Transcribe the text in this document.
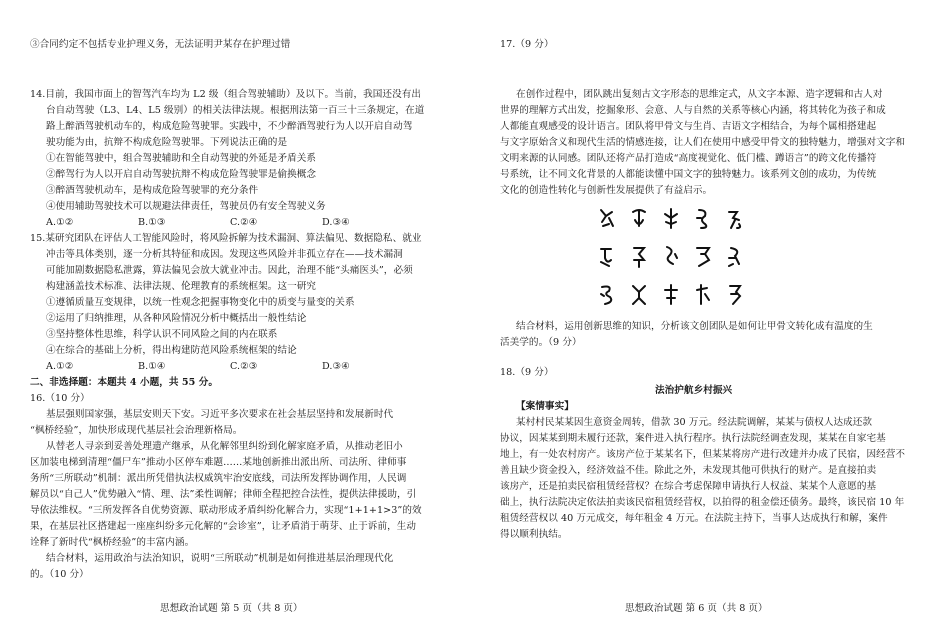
③合同约定不包括专业护理义务，无法证明尹某存在护理过错
14.目前，我国市面上的智驾汽车均为 L2 级（组合驾驶辅助）及以下。当前，我国还没有出
台自动驾驶（L3、L4、L5 级别）的相关法律法规。根据刑法第一百三十三条规定，在道
路上醉酒驾驶机动车的，构成危险驾驶罪。实践中，不少醉酒驾驶行为人以开启自动驾
驶功能为由，抗辩不构成危险驾驶罪。下列说法正确的是
①在智能驾驶中，组合驾驶辅助和全自动驾驶的外延是矛盾关系
②醉驾行为人以开启自动驾驶抗辩不构成危险驾驶罪是偷换概念
③醉酒驾驶机动车，是构成危险驾驶罪的充分条件
④使用辅助驾驶技术可以规避法律责任，驾驶员仍有安全驾驶义务
A.①②	B.①③	C.②④	D.③④
15.某研究团队在评估人工智能风险时，将风险拆解为技术漏洞、算法偏见、数据隐私、就业
冲击等具体类别，逐一分析其特征和成因。发现这些风险并非孤立存在——技术漏洞
可能加剧数据隐私泄露，算法偏见会放大就业冲击。因此，治理不能“头痛医头”，必须
构建涵盖技术标准、法律法规、伦理教育的系统框架。这一研究
①遵循质量互变规律，以统一性观念把握事物变化中的质变与量变的关系
②运用了归纳推理，从各种风险情况分析中概括出一般性结论
③坚持整体性思维，科学认识不同风险之间的内在联系
④在综合的基础上分析，得出构建防范风险系统框架的结论
A.①②	B.①④	C.②③	D.③④
二、非选择题：本题共 4 小题，共 55 分。
16.（10 分）
基层强则国家强，基层安则天下安。习近平多次要求在社会基层坚持和发展新时代
“枫桥经验”，加快形成现代基层社会治理新格局。
从替老人寻亲到妥善处理遗产继承，从化解邻里纠纷到化解家庭矛盾，从推动老旧小
区加装电梯到清理“僵尸车”推动小区停车难题……某地创新推出派出所、司法所、律师事
务所“三所联动”机制：派出所凭借执法权威筑牢治安底线，司法所发挥协调作用，人民调
解员以“自己人”优势融入“情、理、法”柔性调解；律师全程把控合法性，提供法律援助，引
导依法维权。“三所发挥各自优势资源、联动形成矛盾纠纷化解合力，实现“1+1+1>3”的效
果，在基层社区搭建起一座座纠纷多元化解的“会诊室”，让矛盾消于萌芽、止于诉前，生动
诠释了新时代“枫桥经验”的丰富内涵。
结合材料，运用政治与法治知识，说明“三所联动”机制是如何推进基层治理现代化
的。（10 分）
思想政治试题 第 5 页（共 8 页）
17.（9 分）
在创作过程中，团队跳出复刻古文字形态的思维定式，从文字本源、造字逻辑和古人对
世界的理解方式出发，挖掘象形、会意、人与自然的关系等核心内涵，将其转化为孩子和成
人都能直观感受的设计语言。团队将甲骨文与生肖、吉语文字相结合，为每个属相搭建起
与文字原始含义和现代生活的情感连接，让人们在使用中感受甲骨文的独特魅力，增强对文字和
文明来源的认同感。团队还将产品打造成“高度视觉化、低门槛、蹲语言”的跨文化传播符
号系统，让不同文化背景的人都能读懂中国文字的独特魅力。该系列文创的成功，为传统
文化的创造性转化与创新性发展提供了有益启示。
结合材料，运用创新思维的知识，分析该文创团队是如何让甲骨文转化成有温度的生
活美学的。（9 分）
18.（9 分）
法治护航乡村振兴
【案情事实】
某村村民某某因生意资金周转，借款 30 万元。经法院调解，某某与债权人达成还款
协议，因某某到期未履行还款，案件进入执行程序。执行法院经调查发现，某某在自家宅基
地上，有一处农村房产。该房产位于某某名下，但某某将房产进行改建并办成了民宿，因经营不
善且缺少资金投入，经济效益不佳。除此之外，未发现其他可供执行的财产。是直接拍卖
该房产，还是拍卖民宿租赁经营权？在综合考虑保障申请执行人权益、某某个人意愿的基
础上，执行法院决定依法拍卖该民宿租赁经营权，以拍得的租金偿还债务。最终，该民宿 10 年
租赁经营权以 40 万元成交，每年租金 4 万元。在法院主持下，当事人达成执行和解，案件
得以顺利执结。
思想政治试题 第 6 页（共 8 页）
